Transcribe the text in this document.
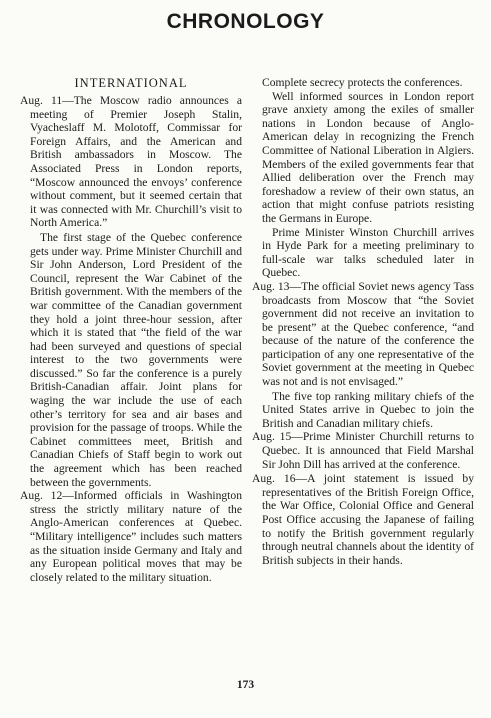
CHRONOLOGY
INTERNATIONAL

Aug. 11—The Moscow radio announces a meeting of Premier Joseph Stalin, Vyacheslaff M. Molotoff, Commissar for Foreign Affairs, and the American and British ambassadors in Moscow. The Associated Press in London reports, “Moscow announced the envoys’ conference without comment, but it seemed certain that it was connected with Mr. Churchill’s visit to North America.”

The first stage of the Quebec conference gets under way. Prime Minister Churchill and Sir John Anderson, Lord President of the Council, represent the War Cabinet of the British government. With the members of the war committee of the Canadian government they hold a joint three-hour session, after which it is stated that “the field of the war had been surveyed and questions of special interest to the two governments were discussed.” So far the conference is a purely British-Canadian affair. Joint plans for waging the war include the use of each other’s territory for sea and air bases and provision for the passage of troops. While the Cabinet committees meet, British and Canadian Chiefs of Staff begin to work out the agreement which has been reached between the governments.

Aug. 12—Informed officials in Washington stress the strictly military nature of the Anglo-American conferences at Quebec. “Military intelligence” includes such matters as the situation inside Germany and Italy and any European political moves that may be closely related to the military situation.

Complete secrecy protects the conferences.

Well informed sources in London report grave anxiety among the exiles of smaller nations in London because of Anglo-American delay in recognizing the French Committee of National Liberation in Algiers. Members of the exiled governments fear that Allied deliberation over the French may foreshadow a review of their own status, an action that might confuse patriots resisting the Germans in Europe.

Prime Minister Winston Churchill arrives in Hyde Park for a meeting preliminary to full-scale war talks scheduled later in Quebec.

Aug. 13—The official Soviet news agency Tass broadcasts from Moscow that “the Soviet government did not receive an invitation to be present” at the Quebec conference, “and because of the nature of the conference the participation of any one representative of the Soviet government at the meeting in Quebec was not and is not envisaged.”

The five top ranking military chiefs of the United States arrive in Quebec to join the British and Canadian military chiefs.

Aug. 15—Prime Minister Churchill returns to Quebec. It is announced that Field Marshal Sir John Dill has arrived at the conference.

Aug. 16—A joint statement is issued by representatives of the British Foreign Office, the War Office, Colonial Office and General Post Office accusing the Japanese of failing to notify the British government regularly through neutral channels about the identity of British subjects in their hands.

173
